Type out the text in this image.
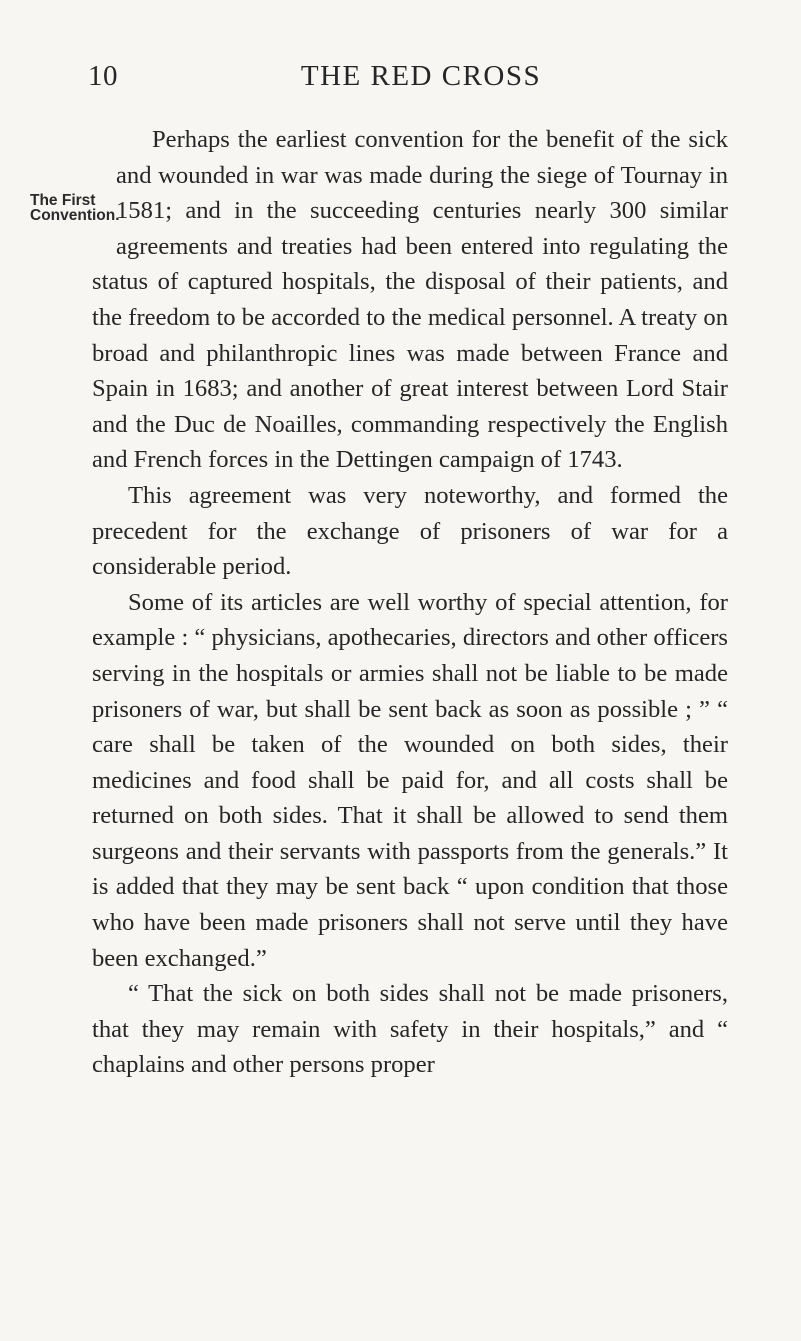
10	THE RED CROSS

The First
Convention.
Perhaps the earliest convention for the benefit of the sick and wounded in war was made during the siege of Tournay in 1581; and in the succeeding centuries nearly 300 similar agreements and treaties had been entered into regulating the status of captured hospitals, the disposal of their patients, and the freedom to be accorded to the medical personnel. A treaty on broad and philanthropic lines was made between France and Spain in 1683; and another of great interest between Lord Stair and the Duc de Noailles, commanding respectively the English and French forces in the Dettingen campaign of 1743.

This agreement was very noteworthy, and formed the precedent for the exchange of prisoners of war for a considerable period.

Some of its articles are well worthy of special attention, for example : “ physicians, apothecaries, directors and other officers serving in the hospitals or armies shall not be liable to be made prisoners of war, but shall be sent back as soon as possible ; ” “ care shall be taken of the wounded on both sides, their medicines and food shall be paid for, and all costs shall be returned on both sides. That it shall be allowed to send them surgeons and their servants with passports from the generals.” It is added that they may be sent back “ upon condition that those who have been made prisoners shall not serve until they have been exchanged.”

“ That the sick on both sides shall not be made prisoners, that they may remain with safety in their hospitals,” and “ chaplains and other persons proper
